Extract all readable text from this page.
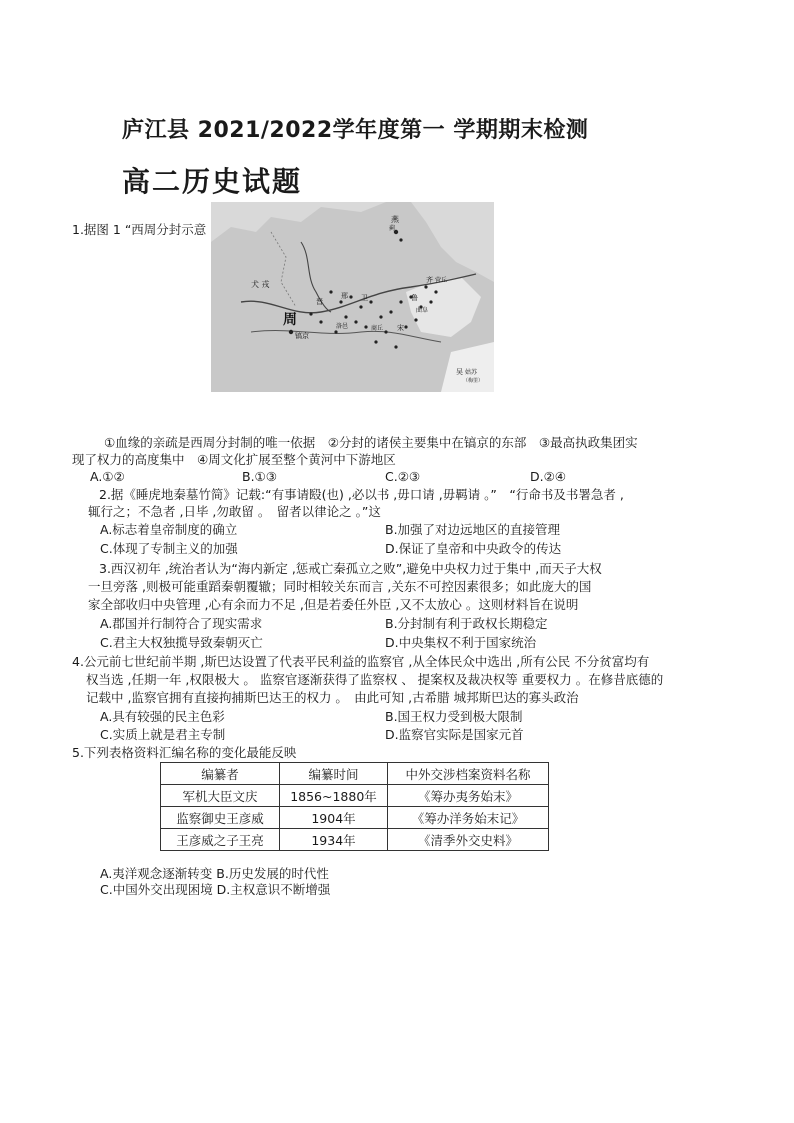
庐江县 2021/2022学年度第一 学期期末检测
高二历史试题
1.据图 1 “西周分封示意
燕
蓟
犬 戎
周
镐京
卫
晋
齐 营丘
鲁
曲阜
宋
商丘
洛邑
吴 姑苏
（梅里）
邢
①血缘的亲疏是西周分封制的唯一依据　②分封的诸侯主要集中在镐京的东部　③最高执政集团实
现了权力的高度集中　④周文化扩展至整个黄河中下游地区
A.①②	B.①③	C.②③	D.②④
2.据《睡虎地秦墓竹简》记载:“有事请殹(也) ,必以书 ,毋口请 ,毋羁请 。”　“行命书及书署急者 ,
辄行之；不急者 ,日毕 ,勿敢留 。　留者以律论之 。”这
A.标志着皇帝制度的确立	B.加强了对边远地区的直接管理
C.体现了专制主义的加强	D.保证了皇帝和中央政令的传达
3.西汉初年 ,统治者认为“海内新定 ,惩戒亡秦孤立之败”,避免中央权力过于集中 ,而天子大权
一旦旁落 ,则极可能重蹈秦朝覆辙；同时相较关东而言 ,关东不可控因素很多；如此庞大的国
家全部收归中央管理 ,心有余而力不足 ,但是若委任外臣 ,又不太放心 。这则材料旨在说明
A.郡国并行制符合了现实需求	B.分封制有利于政权长期稳定
C.君主大权独揽导致秦朝灭亡	D.中央集权不利于国家统治
4.公元前七世纪前半期 ,斯巴达设置了代表平民利益的监察官 ,从全体民众中选出 ,所有公民 不分贫富均有
权当选 ,任期一年 ,权限极大 。 监察官逐渐获得了监察权 、 提案权及裁决权等 重要权力 。在修昔底德的
记载中 ,监察官拥有直接拘捕斯巴达王的权力 。　由此可知 ,古希腊 城邦斯巴达的寡头政治
A.具有较强的民主色彩	B.国王权力受到极大限制
C.实质上就是君主专制	D.监察官实际是国家元首
5.下列表格资料汇编名称的变化最能反映
编纂者	编纂时间	中外交涉档案资料名称
军机大臣文庆	1856~1880年	《筹办夷务始末》
监察御史王彦威	1904年	《筹办洋务始末记》
王彦威之子王亮	1934年	《清季外交史料》
A.夷洋观念逐渐转变 B.历史发展的时代性
C.中国外交出现困境 D.主权意识不断增强
